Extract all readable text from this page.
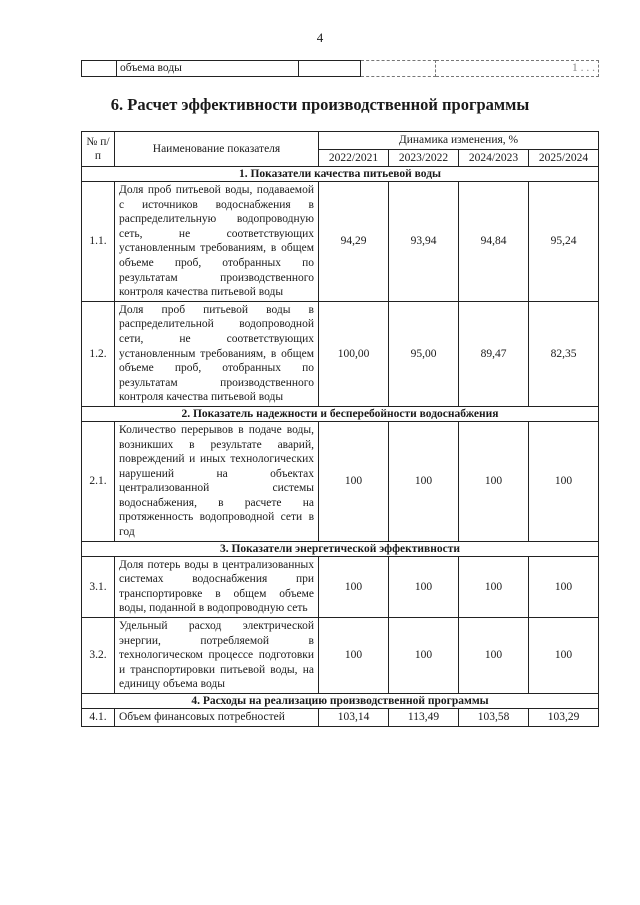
4
	объема воды			1 . . .
6. Расчет эффективности производственной программы
№ п/п	Наименование показателя	Динамика изменения, %			
		2022/2021	2023/2022	2024/2023	2025/2024
1. Показатели качества питьевой воды					
1.1.	Доля проб питьевой воды, подаваемой с источников водоснабжения в распределительную водопроводную сеть, не соответствующих установленным требованиям, в общем объеме проб, отобранных по результатам производственного контроля качества питьевой воды	94,29	93,94	94,84	95,24
1.2.	Доля проб питьевой воды в распределительной водопроводной сети, не соответствующих установленным требованиям, в общем объеме проб, отобранных по результатам производственного контроля качества питьевой воды	100,00	95,00	89,47	82,35
2. Показатель надежности и бесперебойности водоснабжения					
2.1.	Количество перерывов в подаче воды, возникших в результате аварий, повреждений и иных технологических нарушений на объектах централизованной системы водоснабжения, в расчете на протяженность водопроводной сети в год	100	100	100	100
3. Показатели энергетической эффективности					
3.1.	Доля потерь воды в централизованных системах водоснабжения при транспортировке в общем объеме воды, поданной в водопроводную сеть	100	100	100	100
3.2.	Удельный расход электрической энергии, потребляемой в технологическом процессе подготовки и транспортировки питьевой воды, на единицу объема воды	100	100	100	100
4. Расходы на реализацию производственной программы					
4.1.	Объем финансовых потребностей	103,14	113,49	103,58	103,29
